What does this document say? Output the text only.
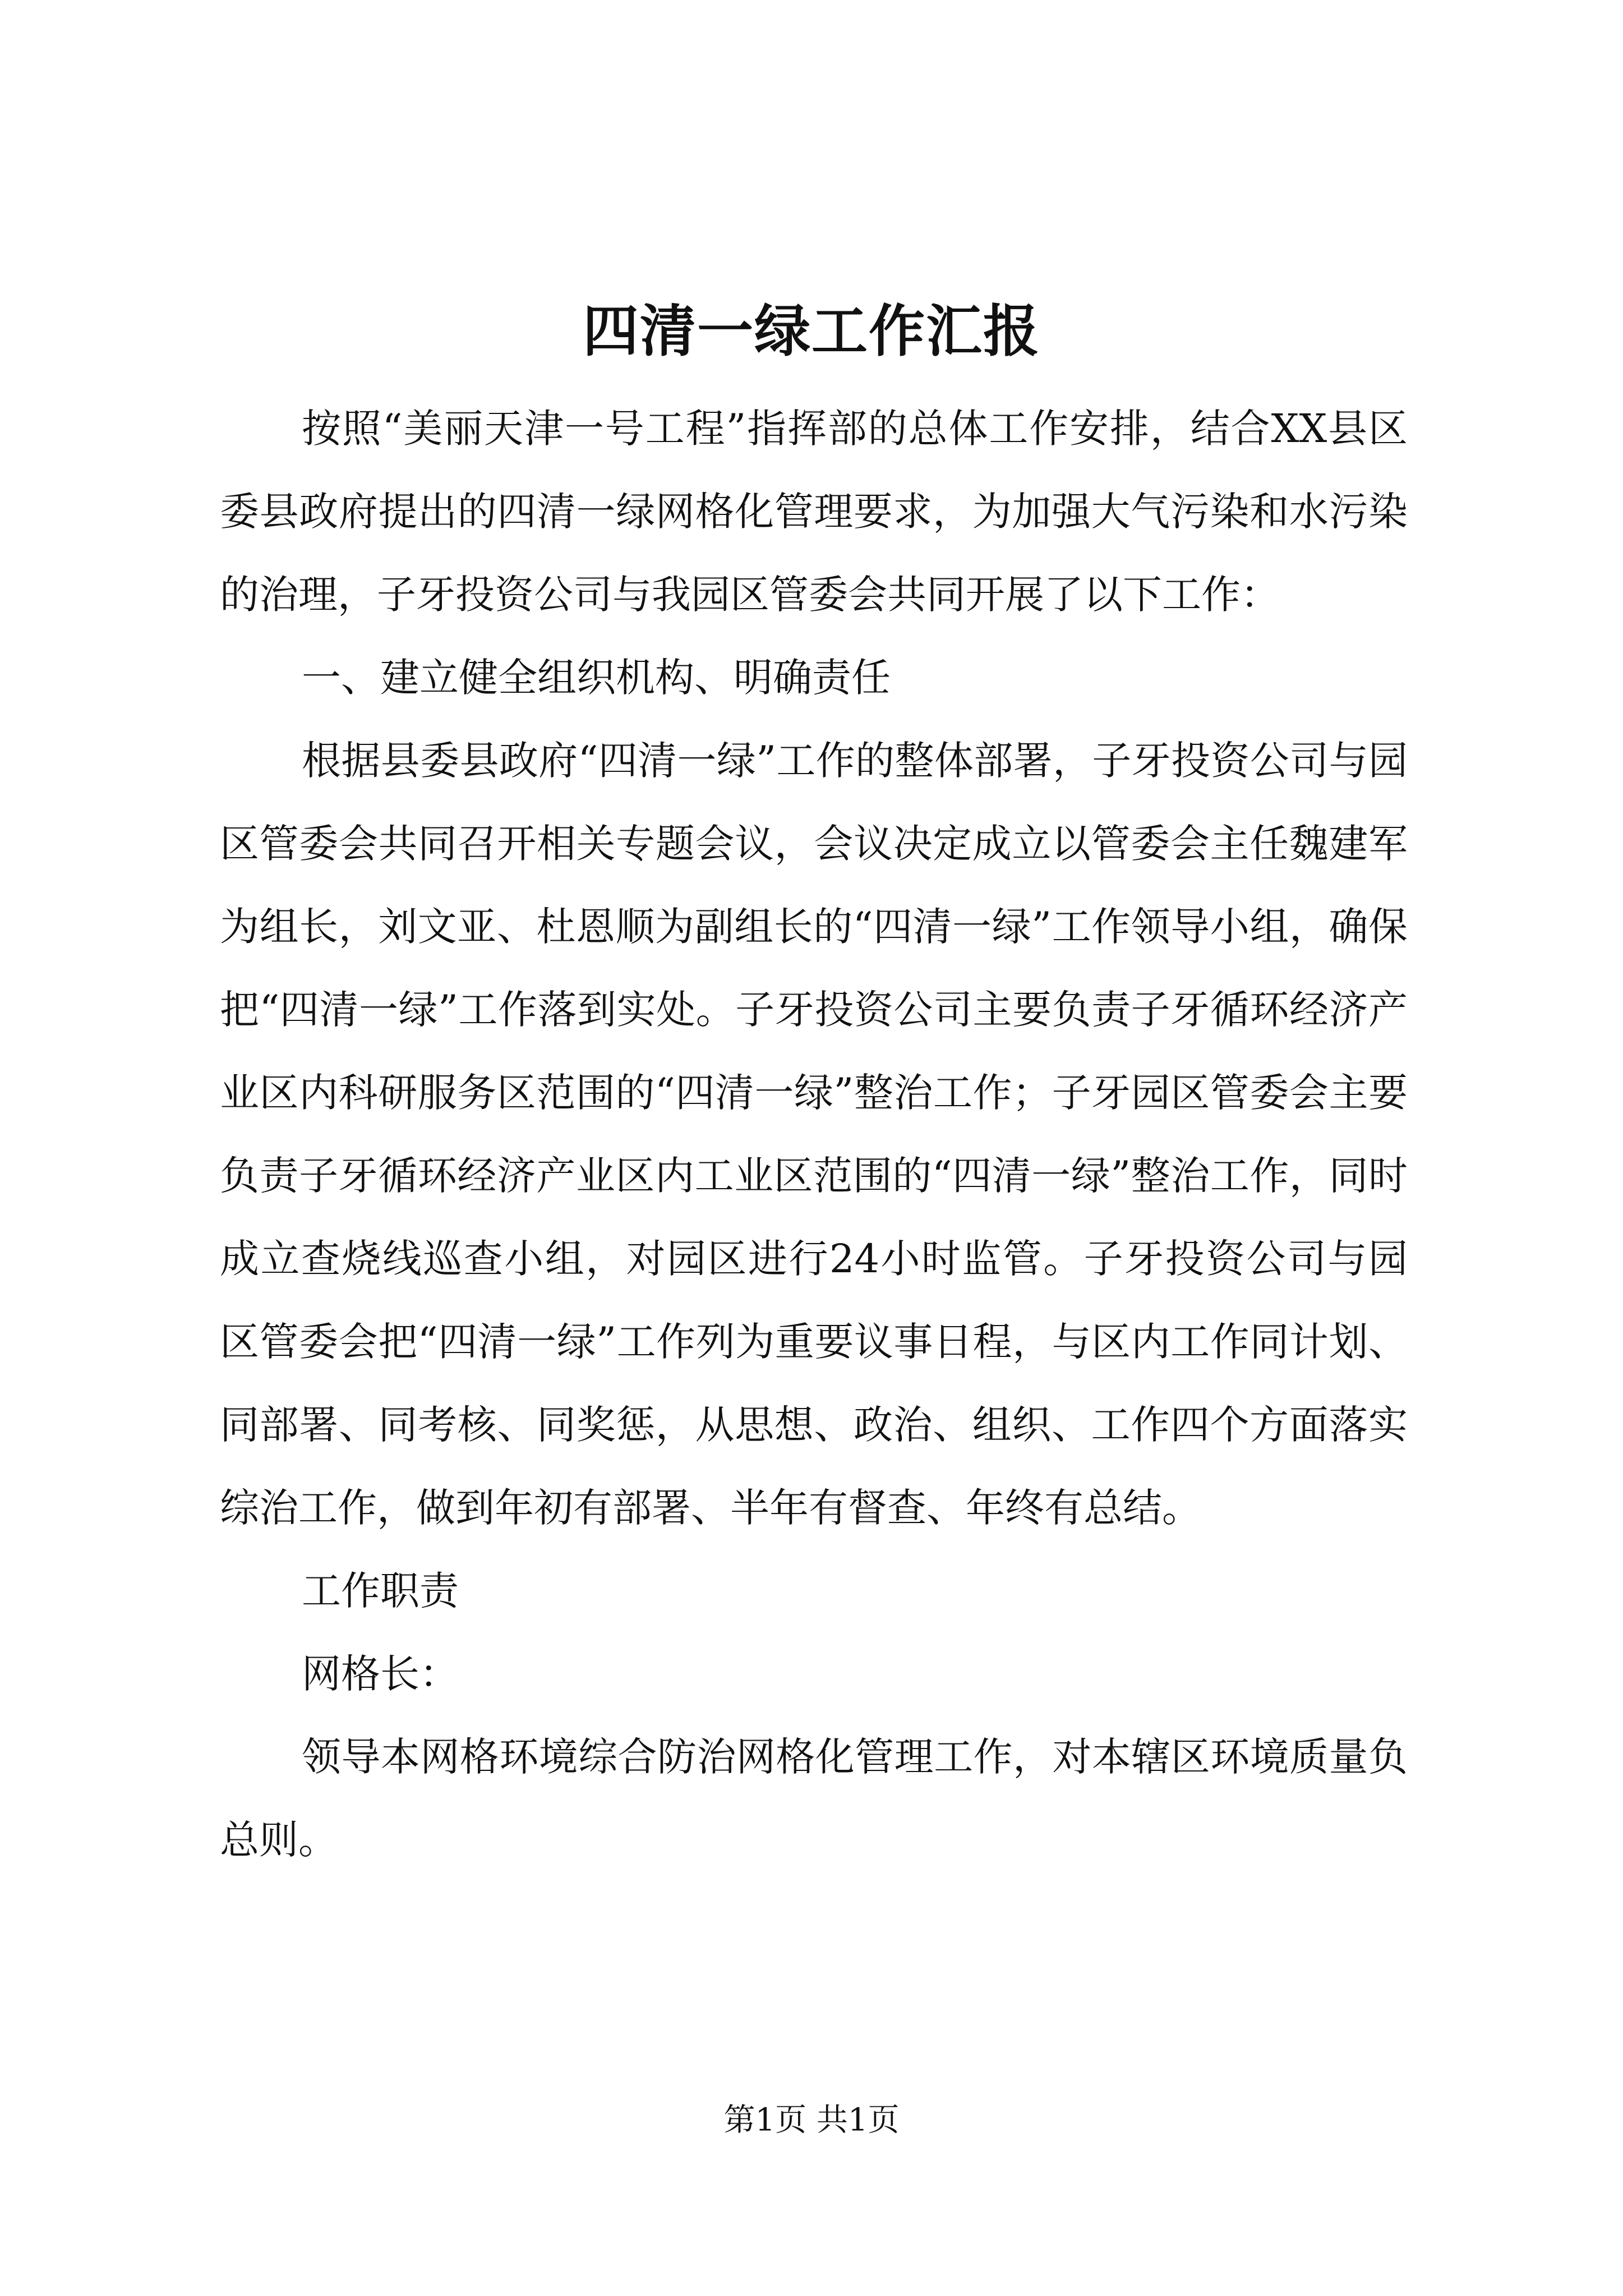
四清一绿工作汇报

按照“美丽天津一号工程”指挥部的总体工作安排，结合XX县区委县政府提出的四清一绿网格化管理要求，为加强大气污染和水污染的治理，子牙投资公司与我园区管委会共同开展了以下工作：

一、建立健全组织机构、明确责任

根据县委县政府“四清一绿”工作的整体部署，子牙投资公司与园区管委会共同召开相关专题会议，会议决定成立以管委会主任魏建军为组长，刘文亚、杜恩顺为副组长的“四清一绿”工作领导小组，确保把“四清一绿”工作落到实处。子牙投资公司主要负责子牙循环经济产业区内科研服务区范围的“四清一绿”整治工作；子牙园区管委会主要负责子牙循环经济产业区内工业区范围的“四清一绿”整治工作，同时成立查烧线巡查小组，对园区进行24小时监管。子牙投资公司与园区管委会把“四清一绿”工作列为重要议事日程，与区内工作同计划、同部署、同考核、同奖惩，从思想、政治、组织、工作四个方面落实综治工作，做到年初有部署、半年有督查、年终有总结。

工作职责

网格长：

领导本网格环境综合防治网格化管理工作，对本辖区环境质量负总则。

第1页 共1页
